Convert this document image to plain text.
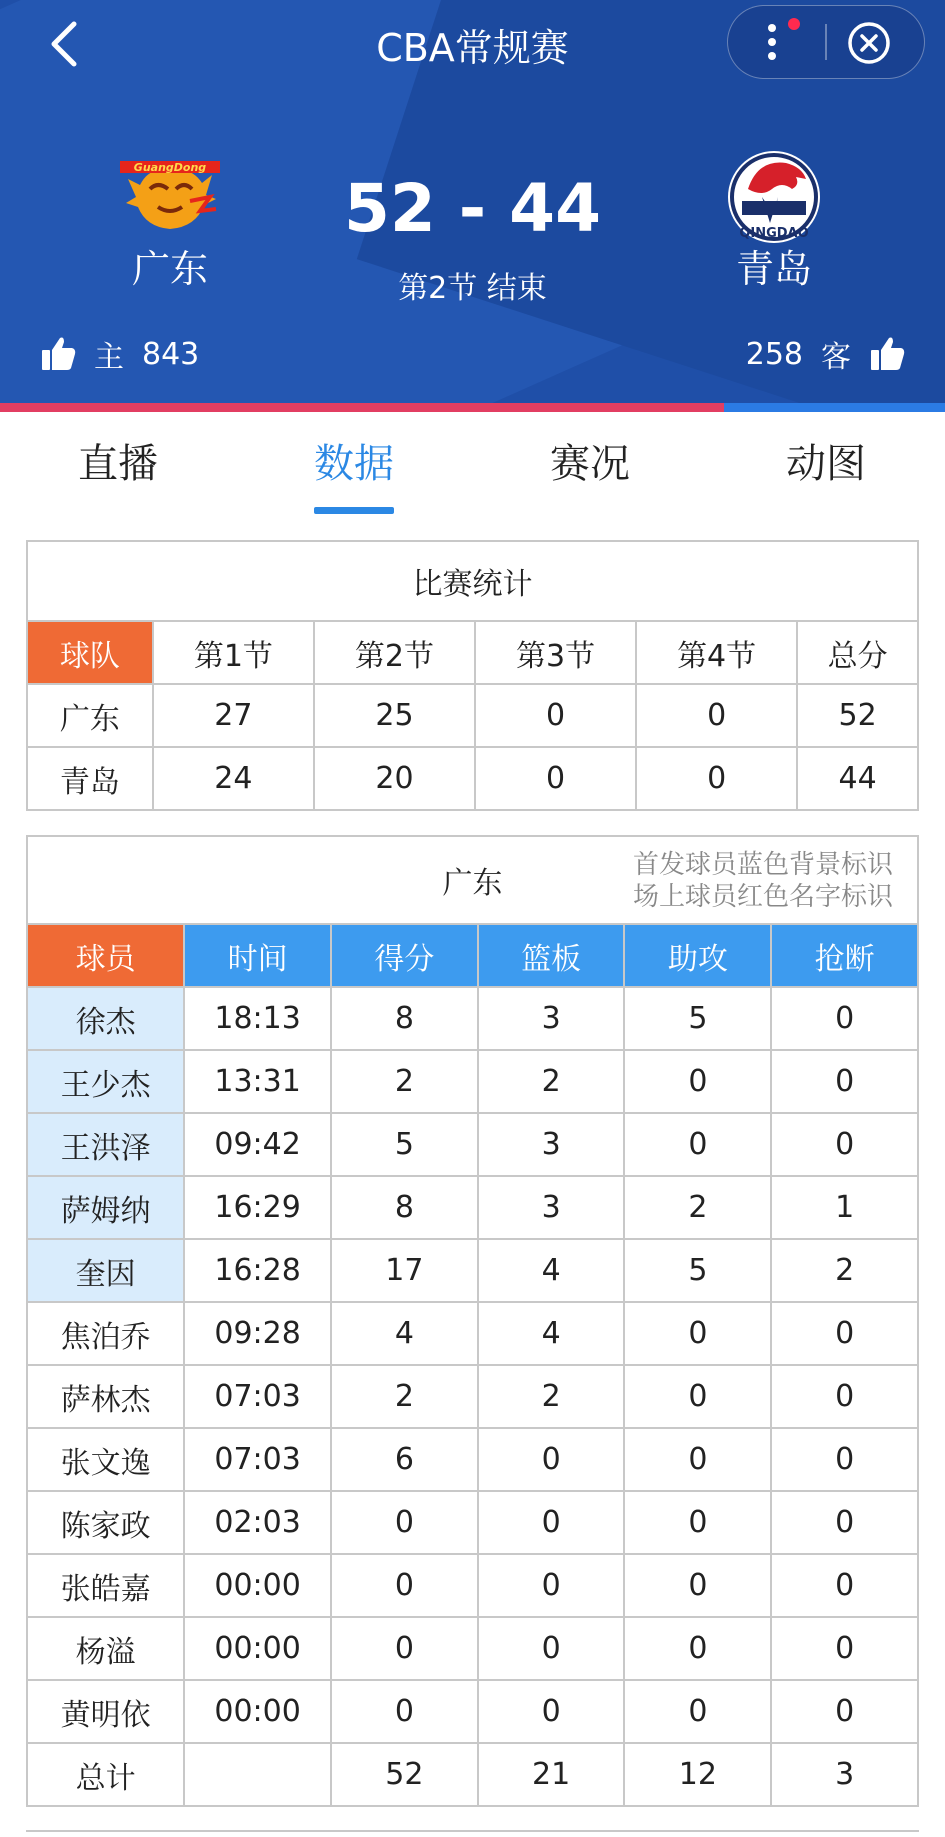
CBA常规赛
GuangDong
QINGDAO
广东	青岛
52 - 44
第2节 结束
主 843	258 客
直播	数据	赛况	动图
比赛统计					
球队	第1节	第2节	第3节	第4节	总分
广东	27	25	0	0	52
青岛	24	20	0	0	44
广东
首发球员蓝色背景标识
场上球员红色名字标识					

球员	时间	得分	篮板	助攻	抢断
徐杰	18:13	8	3	5	0
王少杰	13:31	2	2	0	0
王洪泽	09:42	5	3	0	0
萨姆纳	16:29	8	3	2	1
奎因	16:28	17	4	5	2
焦泊乔	09:28	4	4	0	0
萨林杰	07:03	2	2	0	0
张文逸	07:03	6	0	0	0
陈家政	02:03	0	0	0	0
张皓嘉	00:00	0	0	0	0
杨溢	00:00	0	0	0	0
黄明依	00:00	0	0	0	0
总计		52	21	12	3
